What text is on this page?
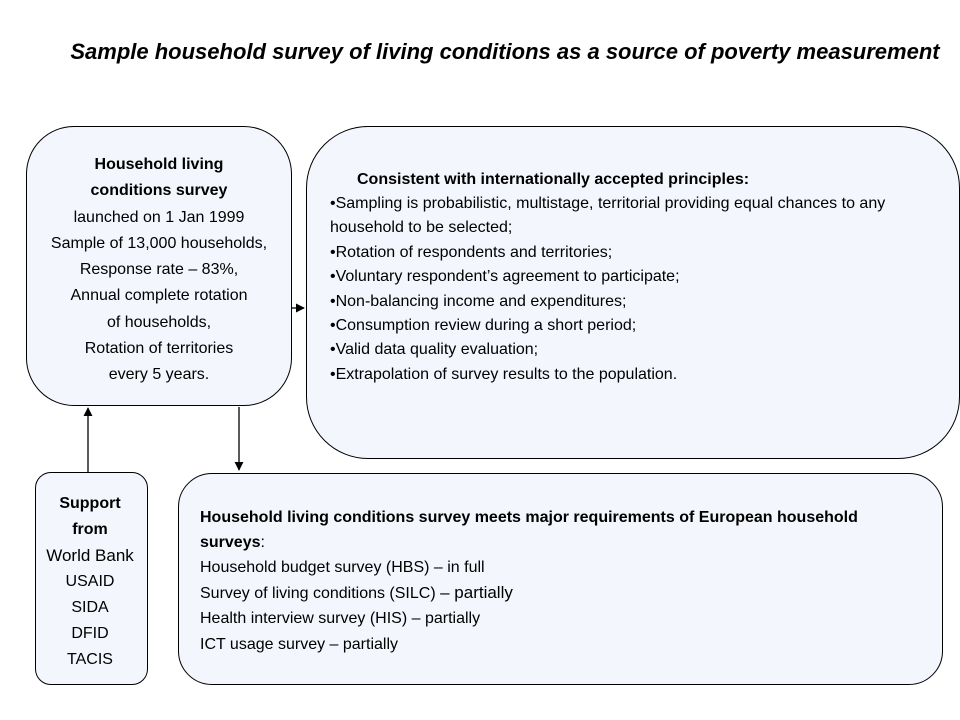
Sample household survey of living conditions as a source of poverty measurement
Household living
conditions survey
launched on 1 Jan 1999
Sample of 13,000 households,
Response rate – 83%,
Annual complete rotation
of households,
Rotation of territories
every 5 years.
Consistent with internationally accepted principles:
•Sampling is probabilistic, multistage, territorial providing equal chances to any household to be selected;
•Rotation of respondents and territories;
•Voluntary respondent’s agreement to participate;
•Non-balancing income and expenditures;
•Consumption review during a short period;
•Valid data quality evaluation;
•Extrapolation of survey results to the population.
Support
from
World Bank
USAID
SIDA
DFID
TACIS
Household living conditions survey meets major requirements of European household surveys:
Household budget survey (HBS) – in full
Survey of living conditions (SILC) – partially
Health interview survey (HIS) – partially
ICT usage survey – partially
